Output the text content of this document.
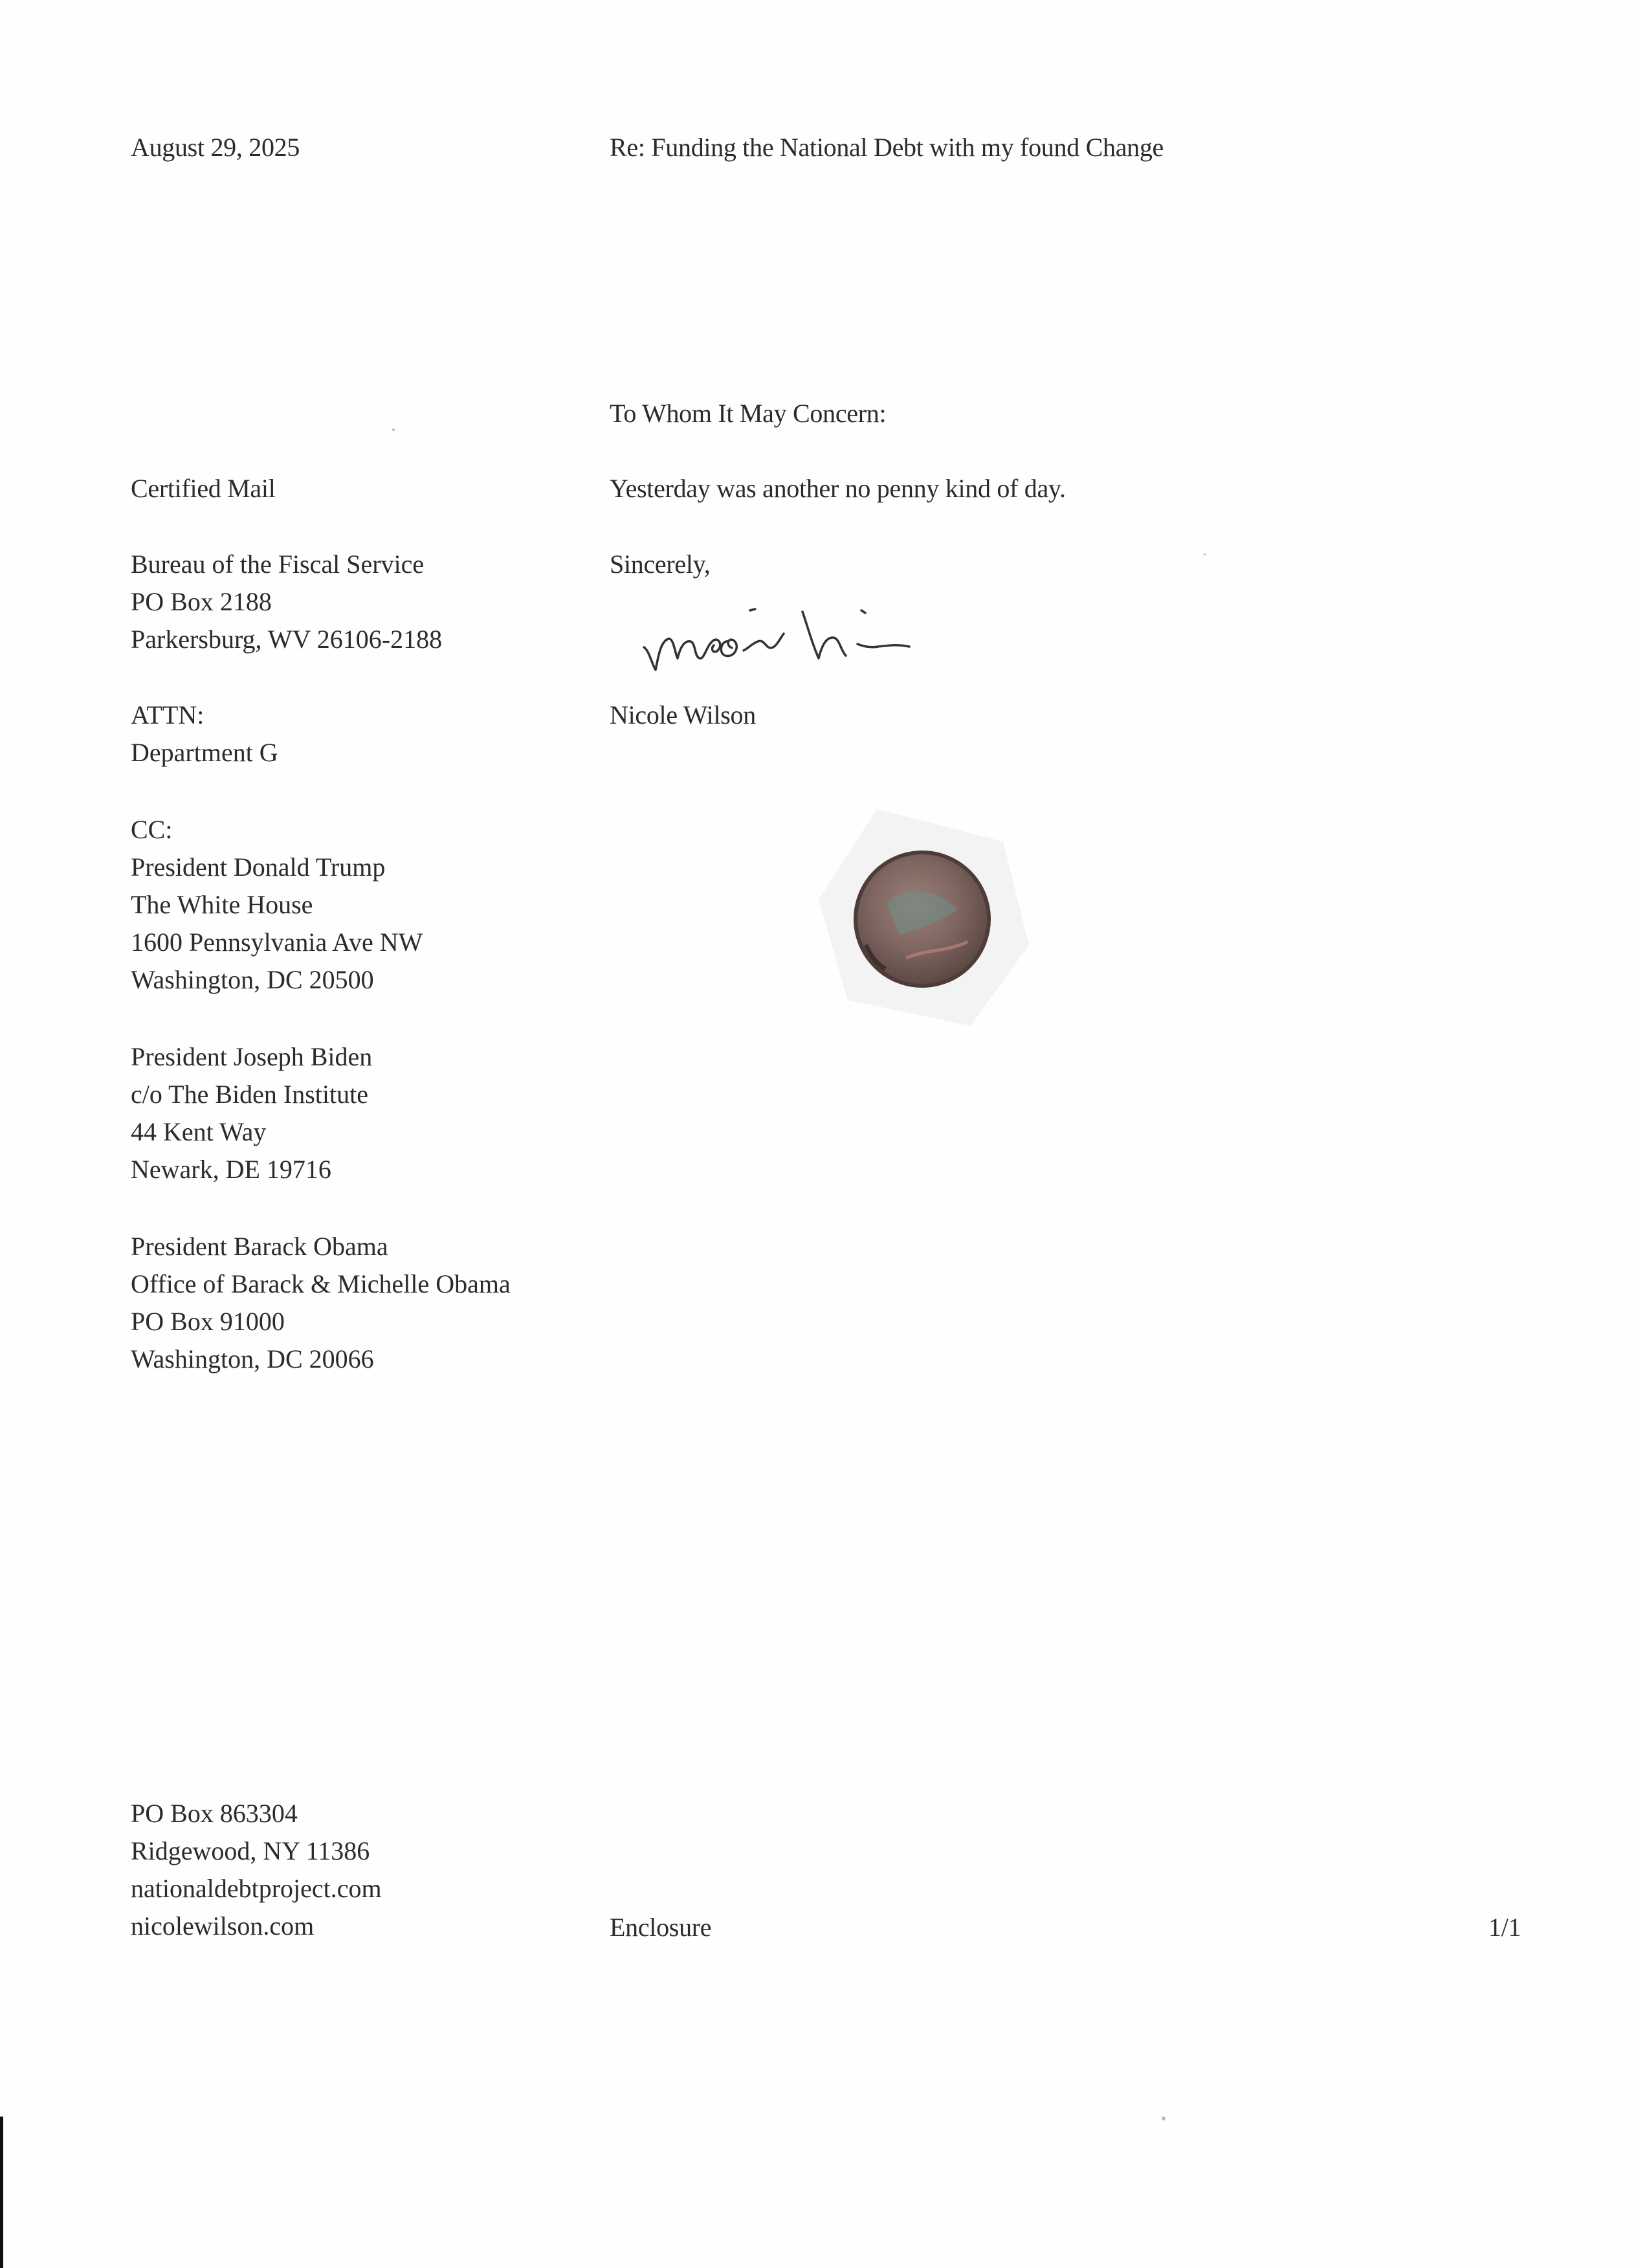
August 29, 2025	Re: Funding the National Debt with my found Change
To Whom It May Concern:
Yesterday was another no penny kind of day.
Sincerely,
Nicole Wilson
Certified Mail
Bureau of the Fiscal Service
PO Box 2188
Parkersburg, WV 26106-2188
ATTN:
Department G
CC:
President Donald Trump
The White House
1600 Pennsylvania Ave NW
Washington, DC 20500
President Joseph Biden
c/o The Biden Institute
44 Kent Way
Newark, DE 19716
President Barack Obama
Office of Barack & Michelle Obama
PO Box 91000
Washington, DC 20066
PO Box 863304
Ridgewood, NY 11386
nationaldebtproject.com
nicolewilson.com	Enclosure	1/1
